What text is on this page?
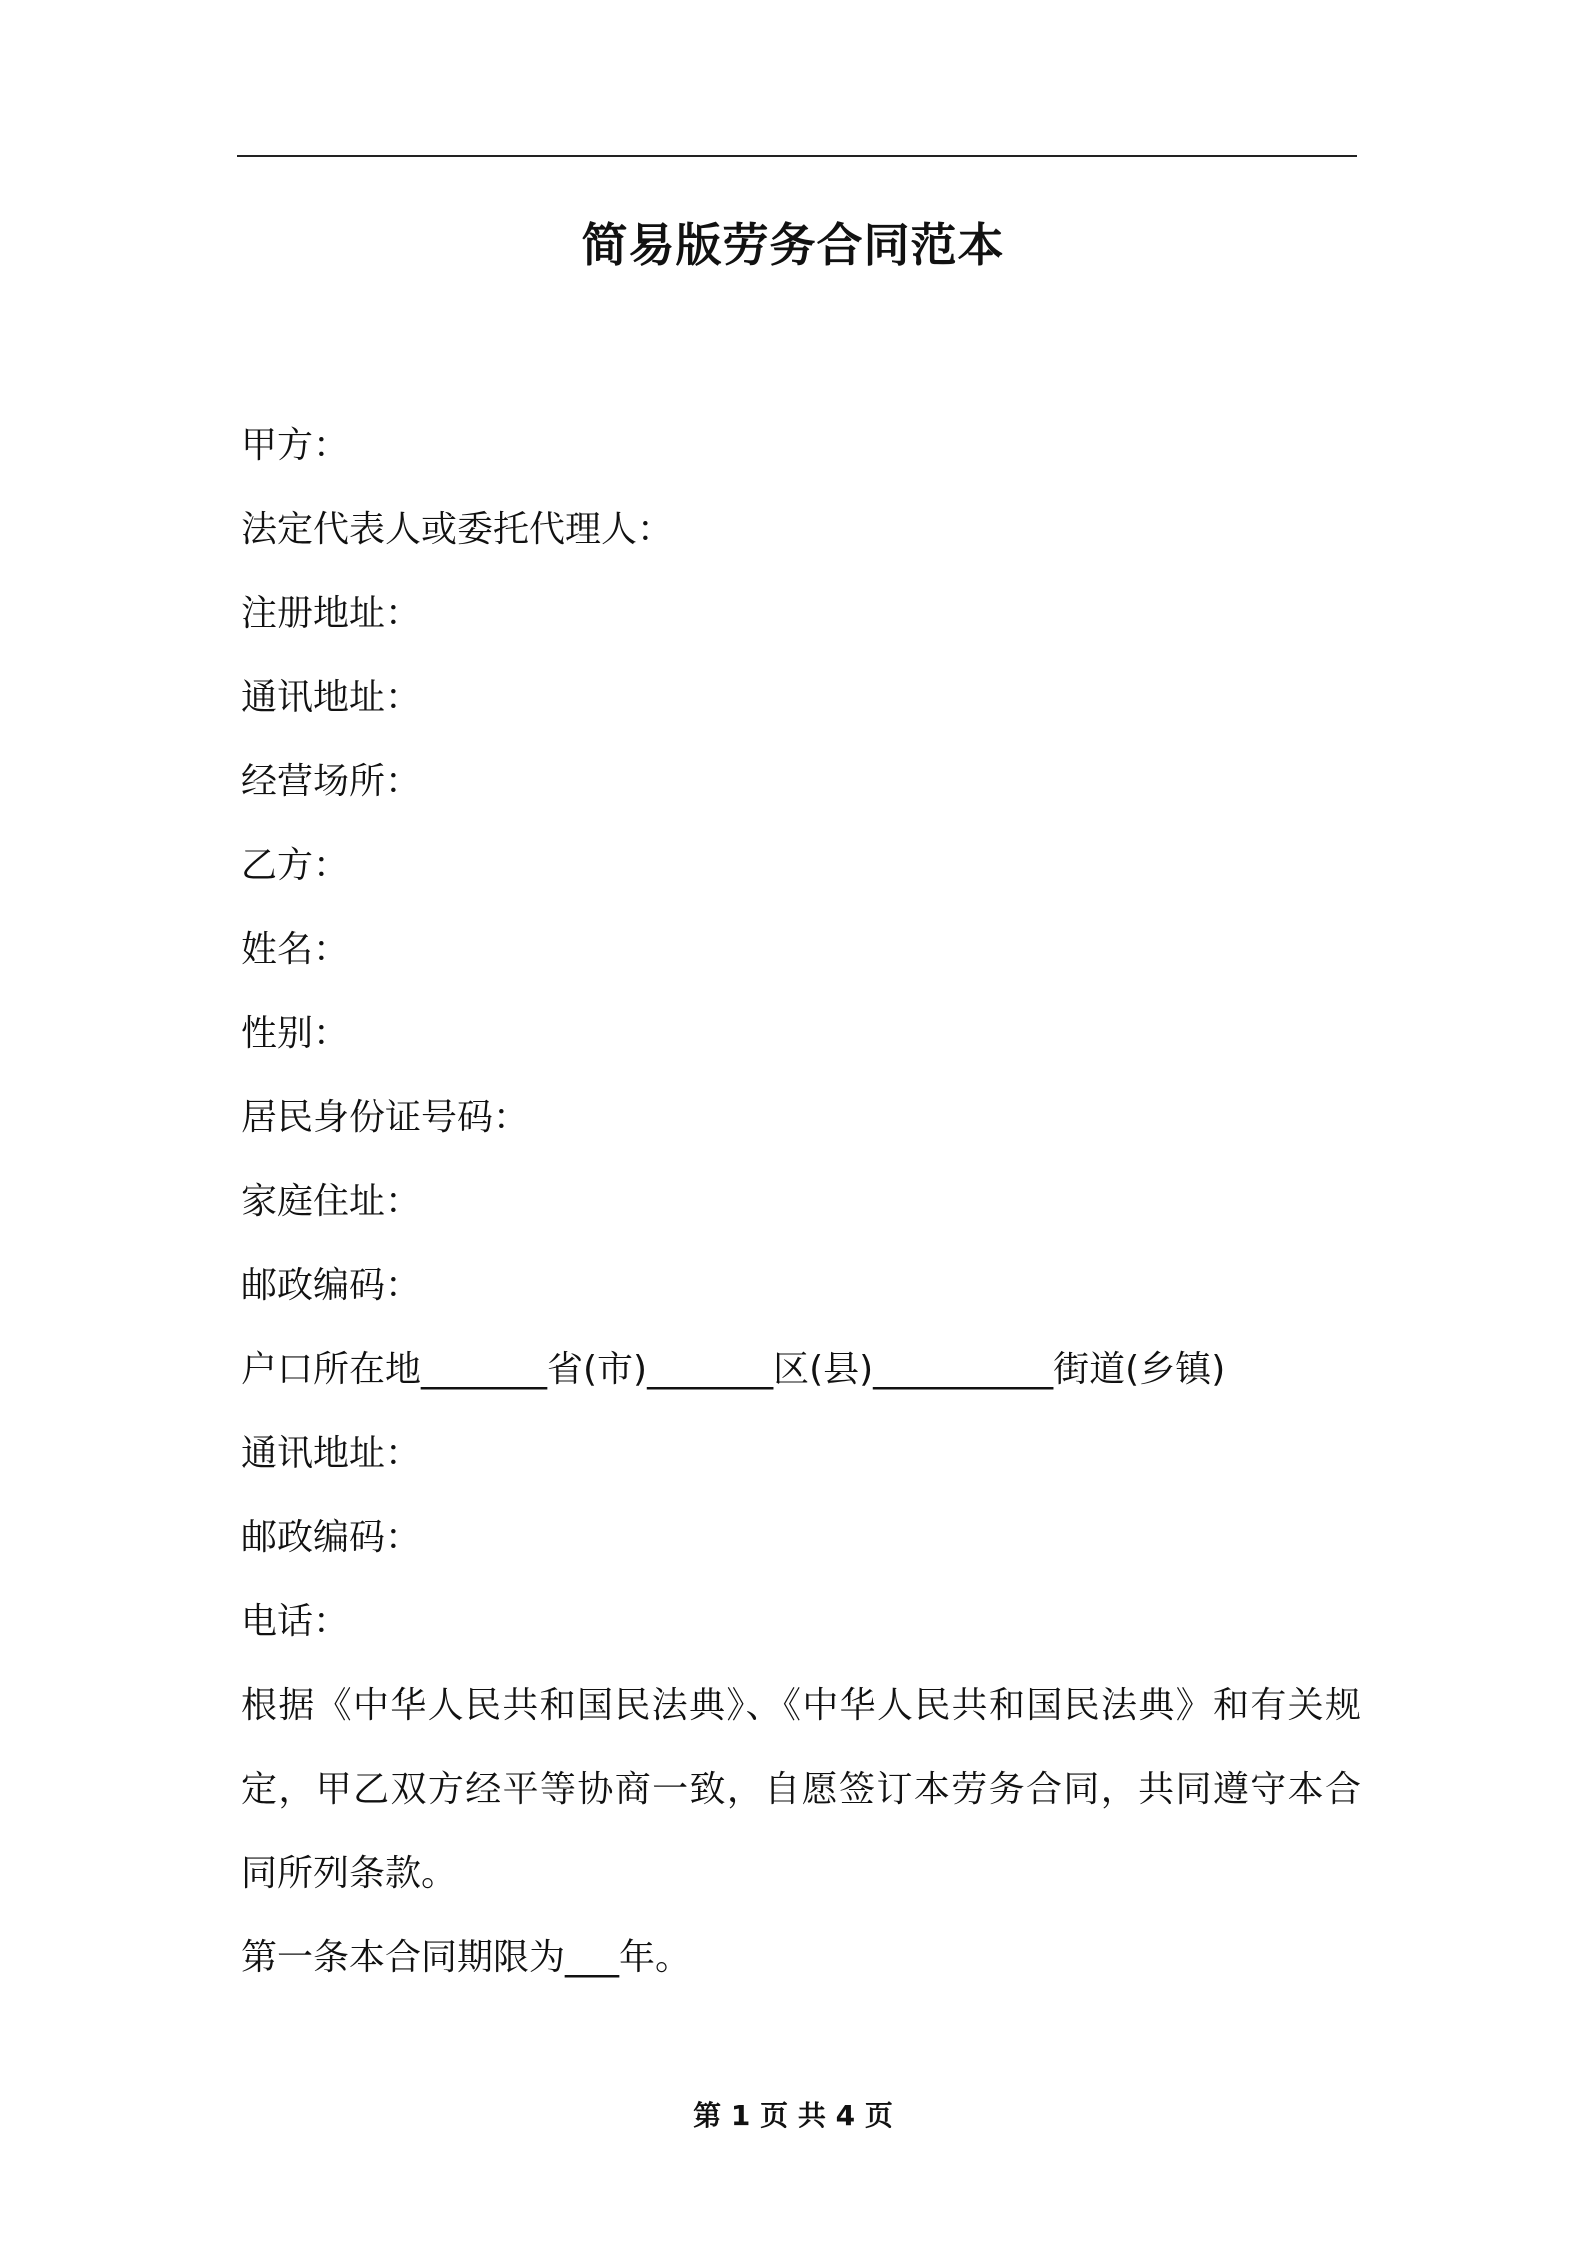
简易版劳务合同范本
甲方：
法定代表人或委托代理人：
注册地址：
通讯地址：
经营场所：
乙方：
姓名：
性别：
居民身份证号码：
家庭住址：
邮政编码：
户口所在地_______省(市)_______区(县)__________街道(乡镇)
通讯地址：
邮政编码：
电话：
根据《中华人民共和国民法典》、《中华人民共和国民法典》和有关规
定，甲乙双方经平等协商一致，自愿签订本劳务合同，共同遵守本合
同所列条款。
第一条本合同期限为___年。
第 1 页 共 4 页
